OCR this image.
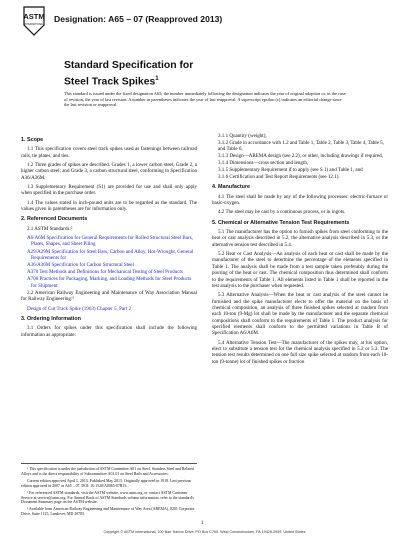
ASTM
INTERNATIONAL
Designation: A65 – 07 (Reapproved 2013)
Standard Specification for
Steel Track Spikes$^1$
This standard is issued under the fixed designation A65; the number immediately following the designation indicates the year of original adoption or, in the case of revision, the year of last revision. A number in parentheses indicates the year of last reapproval. A superscript epsilon (ε) indicates an editorial change since the last revision or reapproval.
1. Scope

1.1 This specification covers steel track spikes used as fastenings between railroad rails, tie plates, and ties.

1.2 Three grades of spikes are described. Grades 1, a lower carbon steel, Grade 2, a higher carbon steel; and Grade 3, a carbon structural steel, conforming to Specification A36/A36M.

1.3 Supplementary Requirement (S1) are provided for use and shall only apply when specified in the purchase order.

1.4 The values stated in inch-pound units are to be regarded as the standard. The values given in parentheses are for information only.

2. Referenced Documents

2.1 ASTM Standards:²

A6/A6M Specification for General Requirements for Rolled Structural Steel Bars, Plates, Shapes, and Sheet Piling
A29/A29M Specification for Steel Bars, Carbon and Alloy, Hot-Wrought, General Requirements for
A36/A36M Specification for Carbon Structural Steel
A370 Test Methods and Definitions for Mechanical Testing of Steel Products
A700 Practices for Packaging, Marking, and Loading Methods for Steel Products for Shipment

2.2 American Railway Engineering and Maintenance of Way Association Manual for Railway Engineering:³

Design of Cut Track Spike (1963) Chapter 5, Part 2
3. Ordering Information

3.1 Orders for spikes under this specification shall include the following information as appropriate:

¹ This specification is under the jurisdiction of ASTM Committee A01 on Steel, Stainless Steel and Related Alloys and is the direct responsibility of Subcommittee A01.01 on Steel Rails and Accessories.

Current edition approved April 1, 2013. Published May 2013. Originally approved in 1918. Last previous edition approved in 2007 as A65 – 07. DOI: 10.1520/A0065-07R13.

² For referenced ASTM standards, visit the ASTM website, www.astm.org, or contact ASTM Customer Service at service@astm.org. For Annual Book of ASTM Standards volume information, refer to the standard's Document Summary page on the ASTM website.

³ Available from American Railway Engineering and Maintenance of Way Area (AREMA), 8201 Corporate Drive, Suite 1125, Landover, MD 20785.

3.1.1 Quantity (weight),

3.1.2 Grade in accordance with 1.2 and Table 1, Table 2, Table 3, Table 4, Table 5, and Table 6,

3.1.3 Design—AREMA design (see 2.2), or other, including drawings if required,

3.1.4 Dimensions—cross section and length,

3.1.5 Supplementary Requirement if to apply (see S 1) and Table 1, and

3.1.6 Certification and Test Report Requirements (see 12.1).

4. Manufacture

4.1 The steel shall be made by any of the following processes: electric-furnace or basic-oxygen.

4.2 The steel may be cast by a continuous process, or in ingots.

5. Chemical or Alternative Tension Test Requirements

5.1 The manufacturer has the option to furnish spikes from steel conforming to the heat or cast analysis described in 5.2, the alternative analysis described in 5.3, or the alternative tension test described in 5.4.

5.2 Heat or Cast Analysis—An analysis of each heat or cast shall be made by the manufacturer of the steel to determine the percentage of the elements specified in Table 1. The analysis shall be made from a test sample taken preferably during the pouring of the heat or cast. The chemical composition thus determined shall conform to the requirements of Table 1. All elements listed in Table 1 shall be reported in the test analysis to the purchaser when requested.

5.3 Alternative Analysis—When the heat or cast analysis of the steel cannot be furnished and the spike manufacturer elects to offer the material on the basis of chemical composition, an analysis of three finished spikes selected at random from each 10-ton (9-Mg) lot shall be made by the manufacturer and the separate chemical compositions shall conform to the requirements of Table 1. The product analysis for specified elements shall conform to the permitted variations in Table B of Specification A6/A6M.

5.4 Alternative Tension Test—The manufacturer of the spikes may, at his option, elect to substitute a tension test for the chemical analysis specified in 5.2 or 5.3. The tension test results determined on one full size spike selected at random from each 10-ton (9-tonne) lot of finished spikes or fraction

1
Copyright © ASTM International, 100 Barr Harbor Drive, PO Box C700, West Conshohocken, PA 19428-2959. United States
